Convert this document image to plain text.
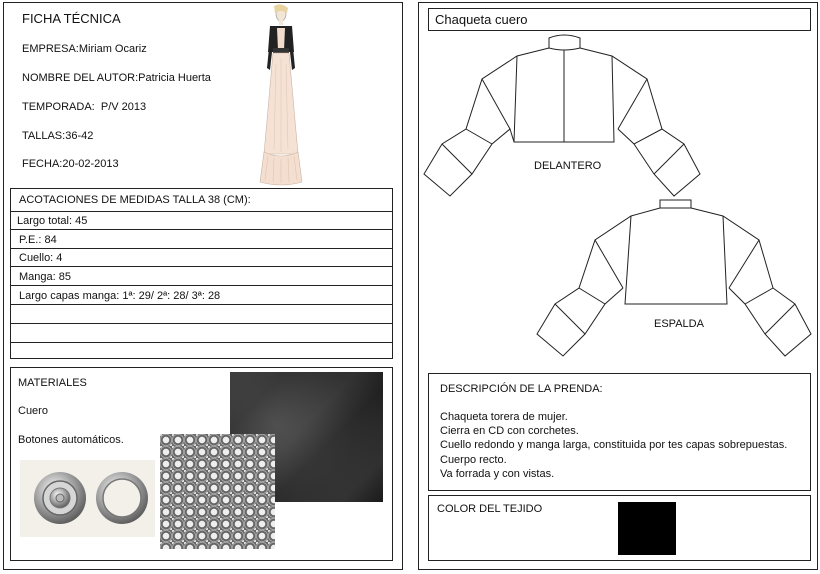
FICHA TÉCNICA
EMPRESA:Miriam Ocariz
NOMBRE DEL AUTOR:Patricia Huerta
TEMPORADA: P/V 2013
TALLAS:36-42
FECHA:20-02-2013
ACOTACIONES DE MEDIDAS TALLA 38 (CM):
Largo total: 45
P.E.: 84
Cuello: 4
Manga: 85
Largo capas manga: 1ª: 29/ 2ª: 28/ 3ª: 28
MATERIALES
Cuero
Botones automáticos.
Chaqueta cuero
DELANTERO
ESPALDA
DESCRIPCIÓN DE LA PRENDA:
Chaqueta torera de mujer.
Cierra en CD con corchetes.
Cuello redondo y manga larga, constituida por tes capas sobrepuestas.
Cuerpo recto.
Va forrada y con vistas.
COLOR DEL TEJIDO
